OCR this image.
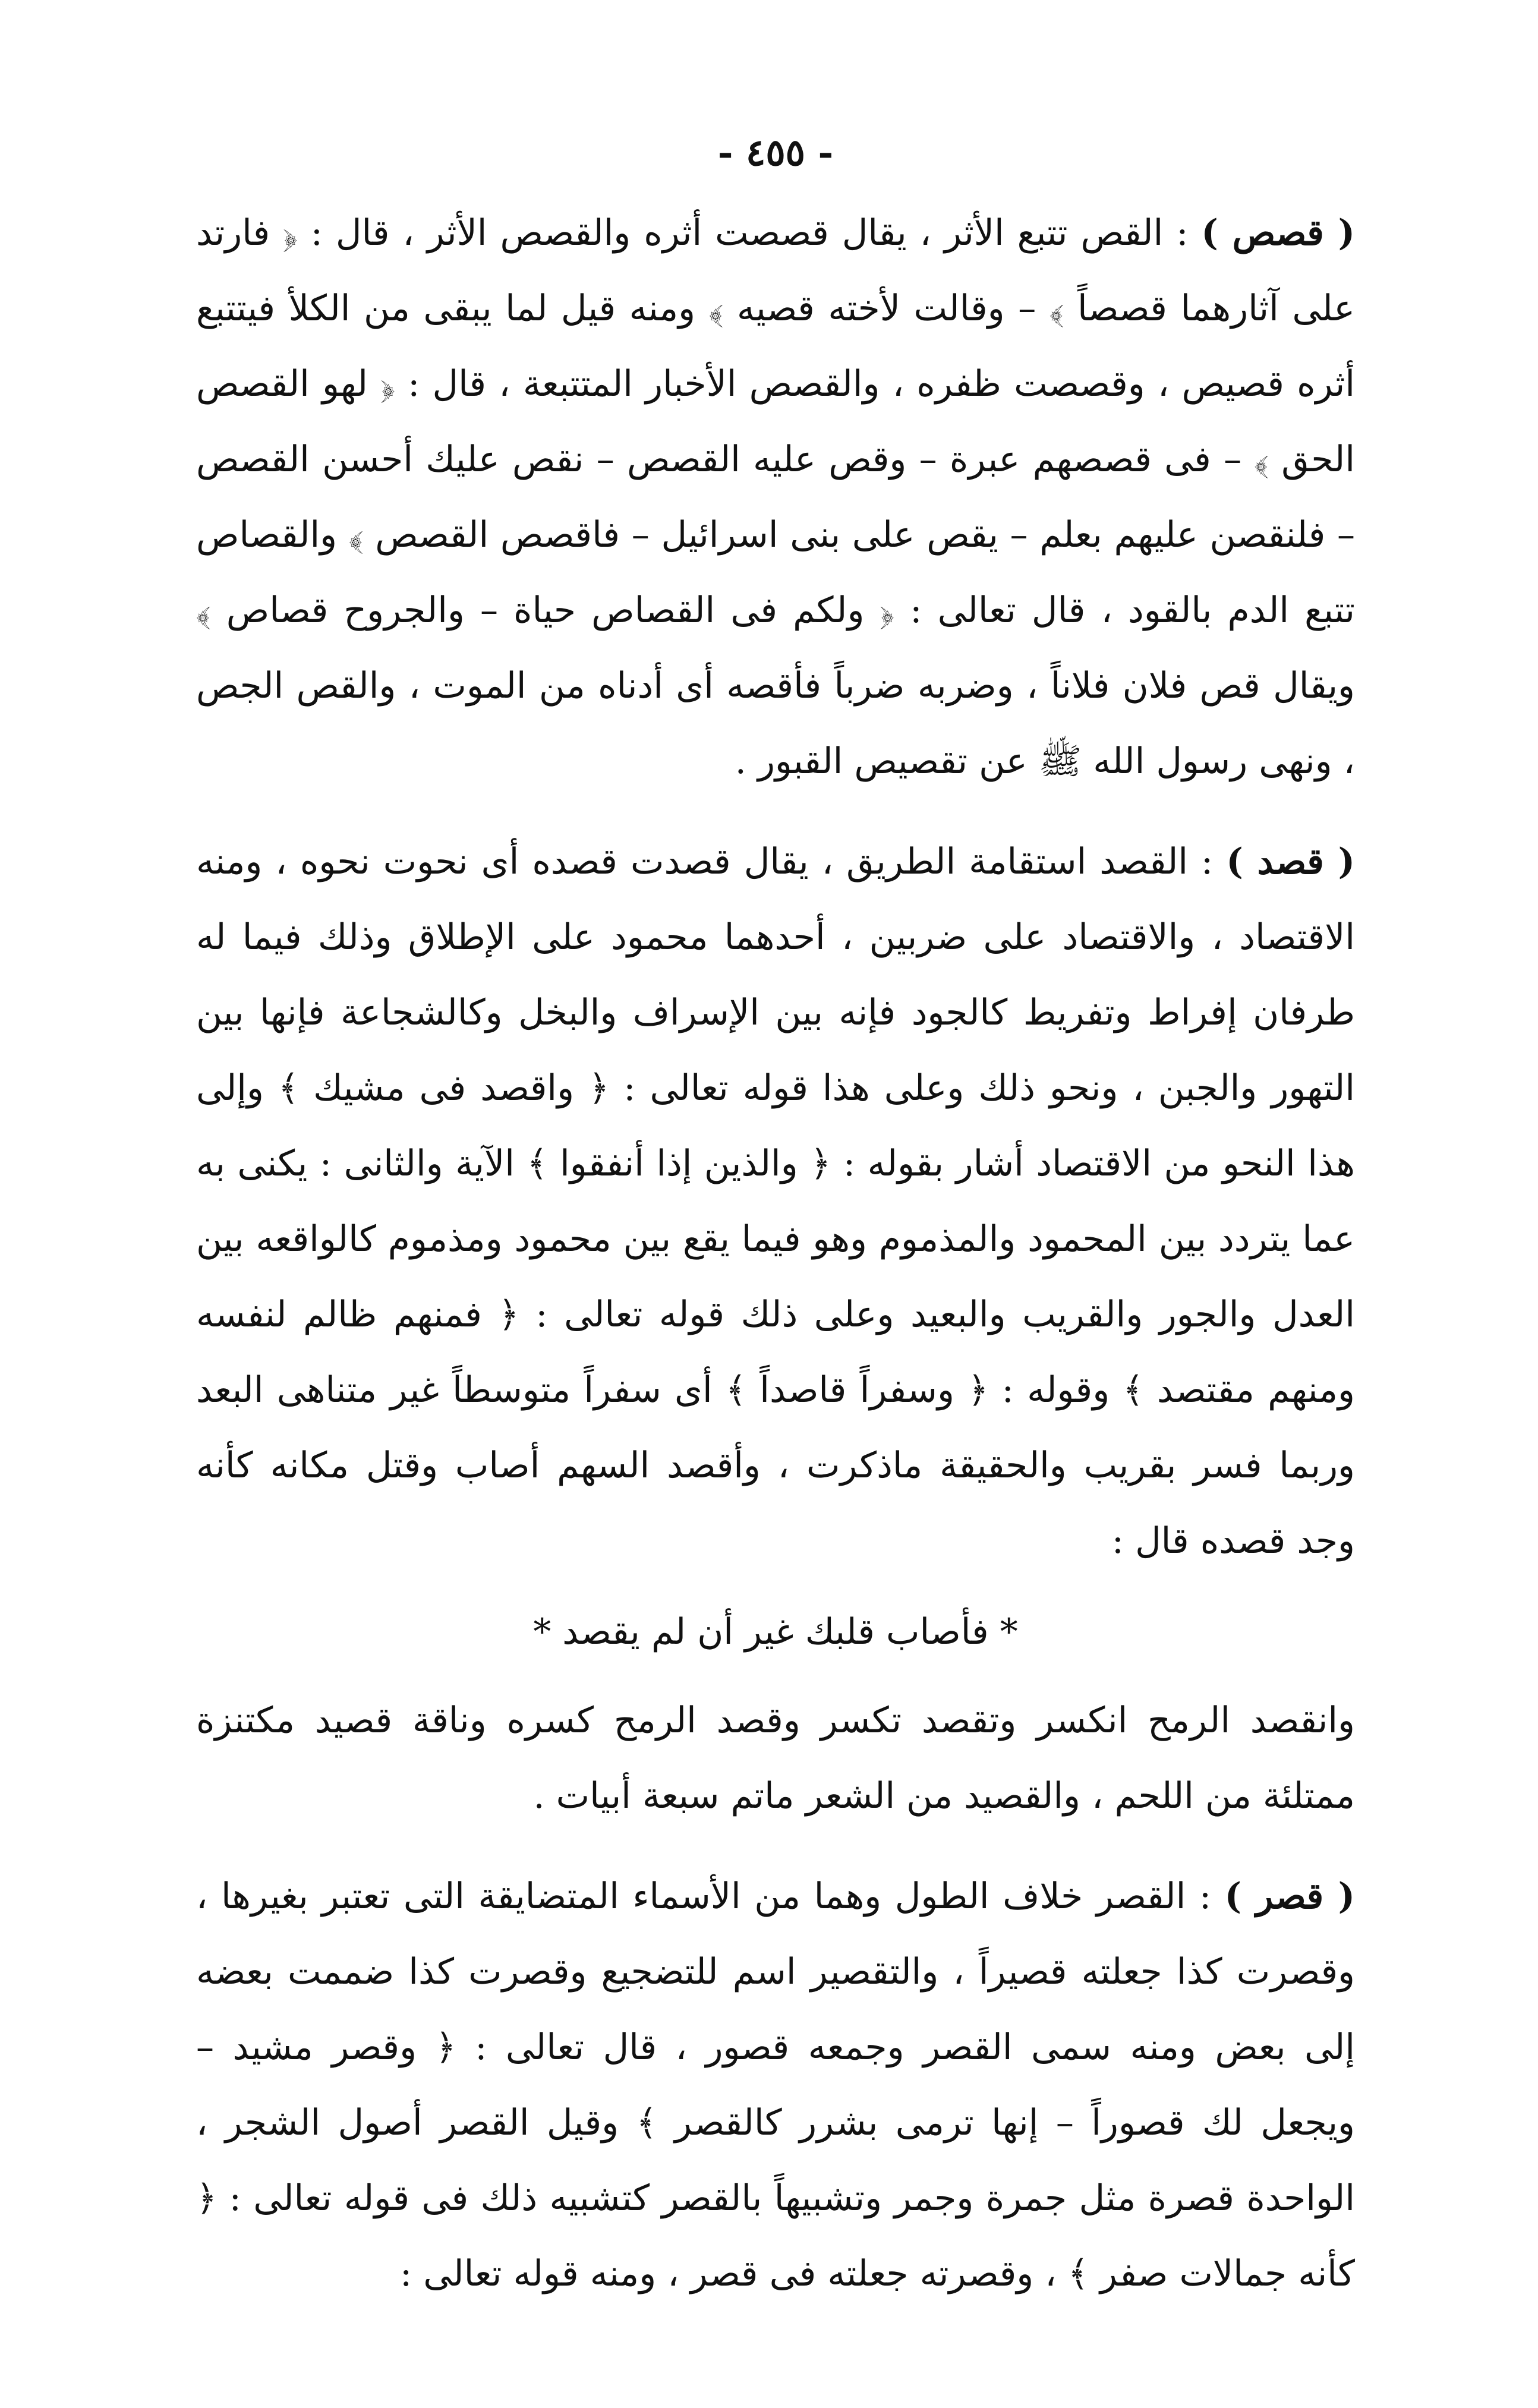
- ٤٥٥ -

( قصص ) : القص تتبع الأثر ، يقال قصصت أثره والقصص الأثر ، قال : ﴿ فارتد على آثارهما قصصاً ﴾ – وقالت لأخته قصيه ﴾ ومنه قيل لما يبقى من الكلأ فيتتبع أثره قصيص ، وقصصت ظفره ، والقصص الأخبار المتتبعة ، قال : ﴿ لهو القصص الحق ﴾ – فى قصصهم عبرة – وقص عليه القصص – نقص عليك أحسن القصص – فلنقصن عليهم بعلم – يقص على بنى اسرائيل – فاقصص القصص ﴾ والقصاص تتبع الدم بالقود ، قال تعالى : ﴿ ولكم فى القصاص حياة – والجروح قصاص ﴾ ويقال قص فلان فلاناً ، وضربه ضرباً فأقصه أى أدناه من الموت ، والقص الجص ، ونهى رسول الله ﷺ عن تقصيص القبور .

( قصد ) : القصد استقامة الطريق ، يقال قصدت قصده أى نحوت نحوه ، ومنه الاقتصاد ، والاقتصاد على ضربين ، أحدهما محمود على الإطلاق وذلك فيما له طرفان إفراط وتفريط كالجود فإنه بين الإسراف والبخل وكالشجاعة فإنها بين التهور والجبن ، ونحو ذلك وعلى هذا قوله تعالى : ﴿ واقصد فى مشيك ﴾ وإلى هذا النحو من الاقتصاد أشار بقوله : ﴿ والذين إذا أنفقوا ﴾ الآية والثانى : يكنى به عما يتردد بين المحمود والمذموم وهو فيما يقع بين محمود ومذموم كالواقعه بين العدل والجور والقريب والبعيد وعلى ذلك قوله تعالى : ﴿ فمنهم ظالم لنفسه ومنهم مقتصد ﴾ وقوله : ﴿ وسفراً قاصداً ﴾ أى سفراً متوسطاً غير متناهى البعد وربما فسر بقريب والحقيقة ماذكرت ، وأقصد السهم أصاب وقتل مكانه كأنه وجد قصده قال :

* فأصاب قلبك غير أن لم يقصد *

وانقصد الرمح انكسر وتقصد تكسر وقصد الرمح كسره وناقة قصيد مكتنزة ممتلئة من اللحم ، والقصيد من الشعر ماتم سبعة أبيات .

( قصر ) : القصر خلاف الطول وهما من الأسماء المتضايقة التى تعتبر بغيرها ، وقصرت كذا جعلته قصيراً ، والتقصير اسم للتضجيع وقصرت كذا ضممت بعضه إلى بعض ومنه سمى القصر وجمعه قصور ، قال تعالى : ﴿ وقصر مشيد – ويجعل لك قصوراً – إنها ترمى بشرر كالقصر ﴾ وقيل القصر أصول الشجر ، الواحدة قصرة مثل جمرة وجمر وتشبيهاً بالقصر كتشبيه ذلك فى قوله تعالى : ﴿ كأنه جمالات صفر ﴾ ، وقصرته جعلته فى قصر ، ومنه قوله تعالى :
